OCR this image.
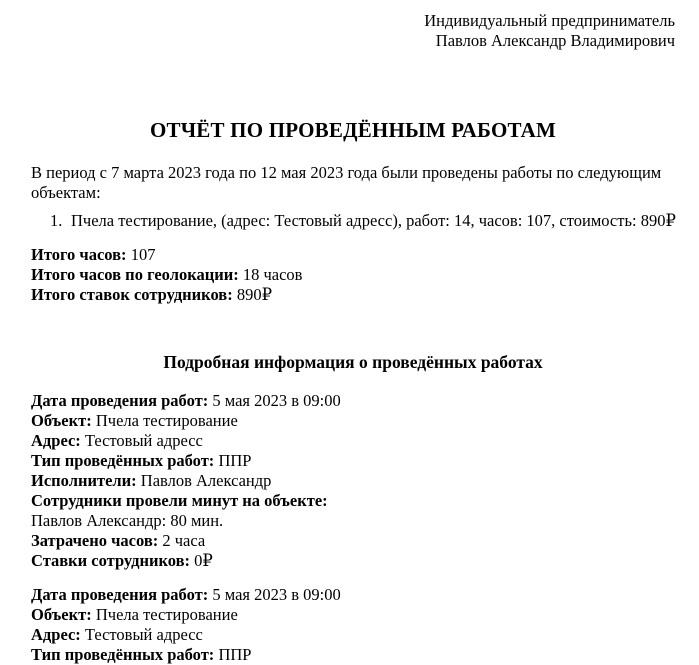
Индивидуальный предприниматель
Павлов Александр Владимирович
ОТЧЁТ ПО ПРОВЕДЁННЫМ РАБОТАМ

В период с 7 марта 2023 года по 12 мая 2023 года были проведены работы по следующим объектам:

1. Пчела тестирование, (адрес: Тестовый адресс), работ: 14, часов: 107, стоимость: 890₽
Итого часов: 107
Итого часов по геолокации: 18 часов
Итого ставок сотрудников: 890₽
Подробная информация о проведённых работах
Дата проведения работ: 5 мая 2023 в 09:00
Объект: Пчела тестирование
Адрес: Тестовый адресс
Тип проведённых работ: ППР
Исполнители: Павлов Александр
Сотрудники провели минут на объекте:
Павлов Александр: 80 мин.
Затрачено часов: 2 часа
Ставки сотрудников: 0₽
Дата проведения работ: 5 мая 2023 в 09:00
Объект: Пчела тестирование
Адрес: Тестовый адресс
Тип проведённых работ: ППР
